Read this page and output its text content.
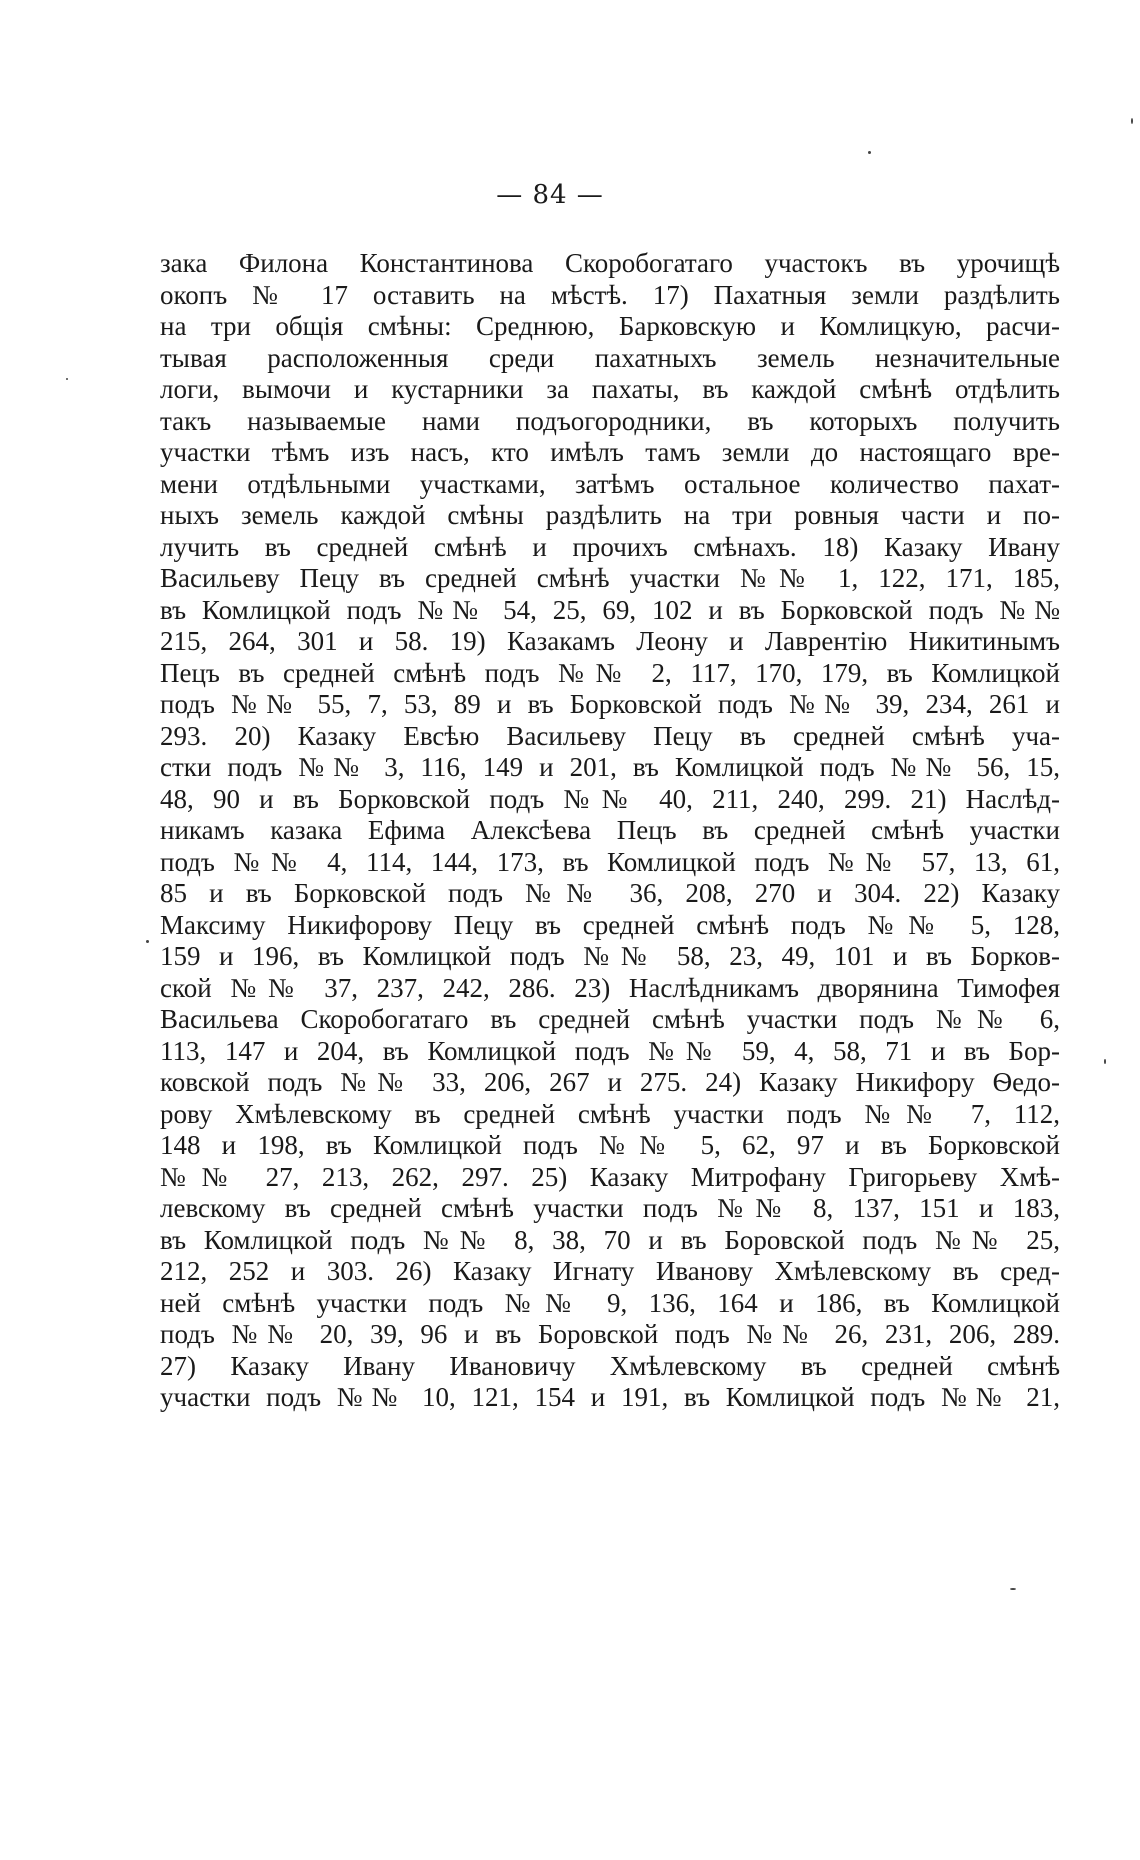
— 84 —
зака Филона Константинова Скоробогатаго участокъ въ урочищѣ
окопъ № 17 оставить на мѣстѣ. 17) Пахатныя земли раздѣлить
на три общія смѣны: Среднюю, Барковскую и Комлицкую, расчи-
тывая расположенныя среди пахатныхъ земель незначительные
логи, вымочи и кустарники за пахаты, въ каждой смѣнѣ отдѣлить
такъ называемые нами подъогородники, въ которыхъ получить
участки тѣмъ изъ насъ, кто имѣлъ тамъ земли до настоящаго вре-
мени отдѣльными участками, затѣмъ остальное количество пахат-
ныхъ земель каждой смѣны раздѣлить на три ровныя части и по-
лучить въ средней смѣнѣ и прочихъ смѣнахъ. 18) Казаку Ивану
Васильеву Пецу въ средней смѣнѣ участки №№ 1, 122, 171, 185,
въ Комлицкой подъ №№ 54, 25, 69, 102 и въ Борковской подъ №№
215, 264, 301 и 58. 19) Казакамъ Леону и Лаврентію Никитинымъ
Пецъ въ средней смѣнѣ подъ №№ 2, 117, 170, 179, въ Комлицкой
подъ №№ 55, 7, 53, 89 и въ Борковской подъ №№ 39, 234, 261 и
293. 20) Казаку Евсѣю Васильеву Пецу въ средней смѣнѣ уча-
стки подъ №№ 3, 116, 149 и 201, въ Комлицкой подъ №№ 56, 15,
48, 90 и въ Борковской подъ №№ 40, 211, 240, 299. 21) Наслѣд-
никамъ казака Ефима Алексѣева Пецъ въ средней смѣнѣ участки
подъ №№ 4, 114, 144, 173, въ Комлицкой подъ №№ 57, 13, 61,
85 и въ Борковской подъ №№ 36, 208, 270 и 304. 22) Казаку
Максиму Никифорову Пецу въ средней смѣнѣ подъ №№ 5, 128,
159 и 196, въ Комлицкой подъ №№ 58, 23, 49, 101 и въ Борков-
ской №№ 37, 237, 242, 286. 23) Наслѣдникамъ дворянина Тимофея
Васильева Скоробогатаго въ средней смѣнѣ участки подъ №№ 6,
113, 147 и 204, въ Комлицкой подъ №№ 59, 4, 58, 71 и въ Бор-
ковской подъ №№ 33, 206, 267 и 275. 24) Казаку Никифору Ѳедо-
рову Хмѣлевскому въ средней смѣнѣ участки подъ №№ 7, 112,
148 и 198, въ Комлицкой подъ №№ 5, 62, 97 и въ Борковской
№№ 27, 213, 262, 297. 25) Казаку Митрофану Григорьеву Хмѣ-
левскому въ средней смѣнѣ участки подъ №№ 8, 137, 151 и 183,
въ Комлицкой подъ №№ 8, 38, 70 и въ Боровской подъ №№ 25,
212, 252 и 303. 26) Казаку Игнату Иванову Хмѣлевскому въ сред-
ней смѣнѣ участки подъ №№ 9, 136, 164 и 186, въ Комлицкой
подъ №№ 20, 39, 96 и въ Боровской подъ №№ 26, 231, 206, 289.
27) Казаку Ивану Ивановичу Хмѣлевскому въ средней смѣнѣ
участки подъ №№ 10, 121, 154 и 191, въ Комлицкой подъ №№ 21,
